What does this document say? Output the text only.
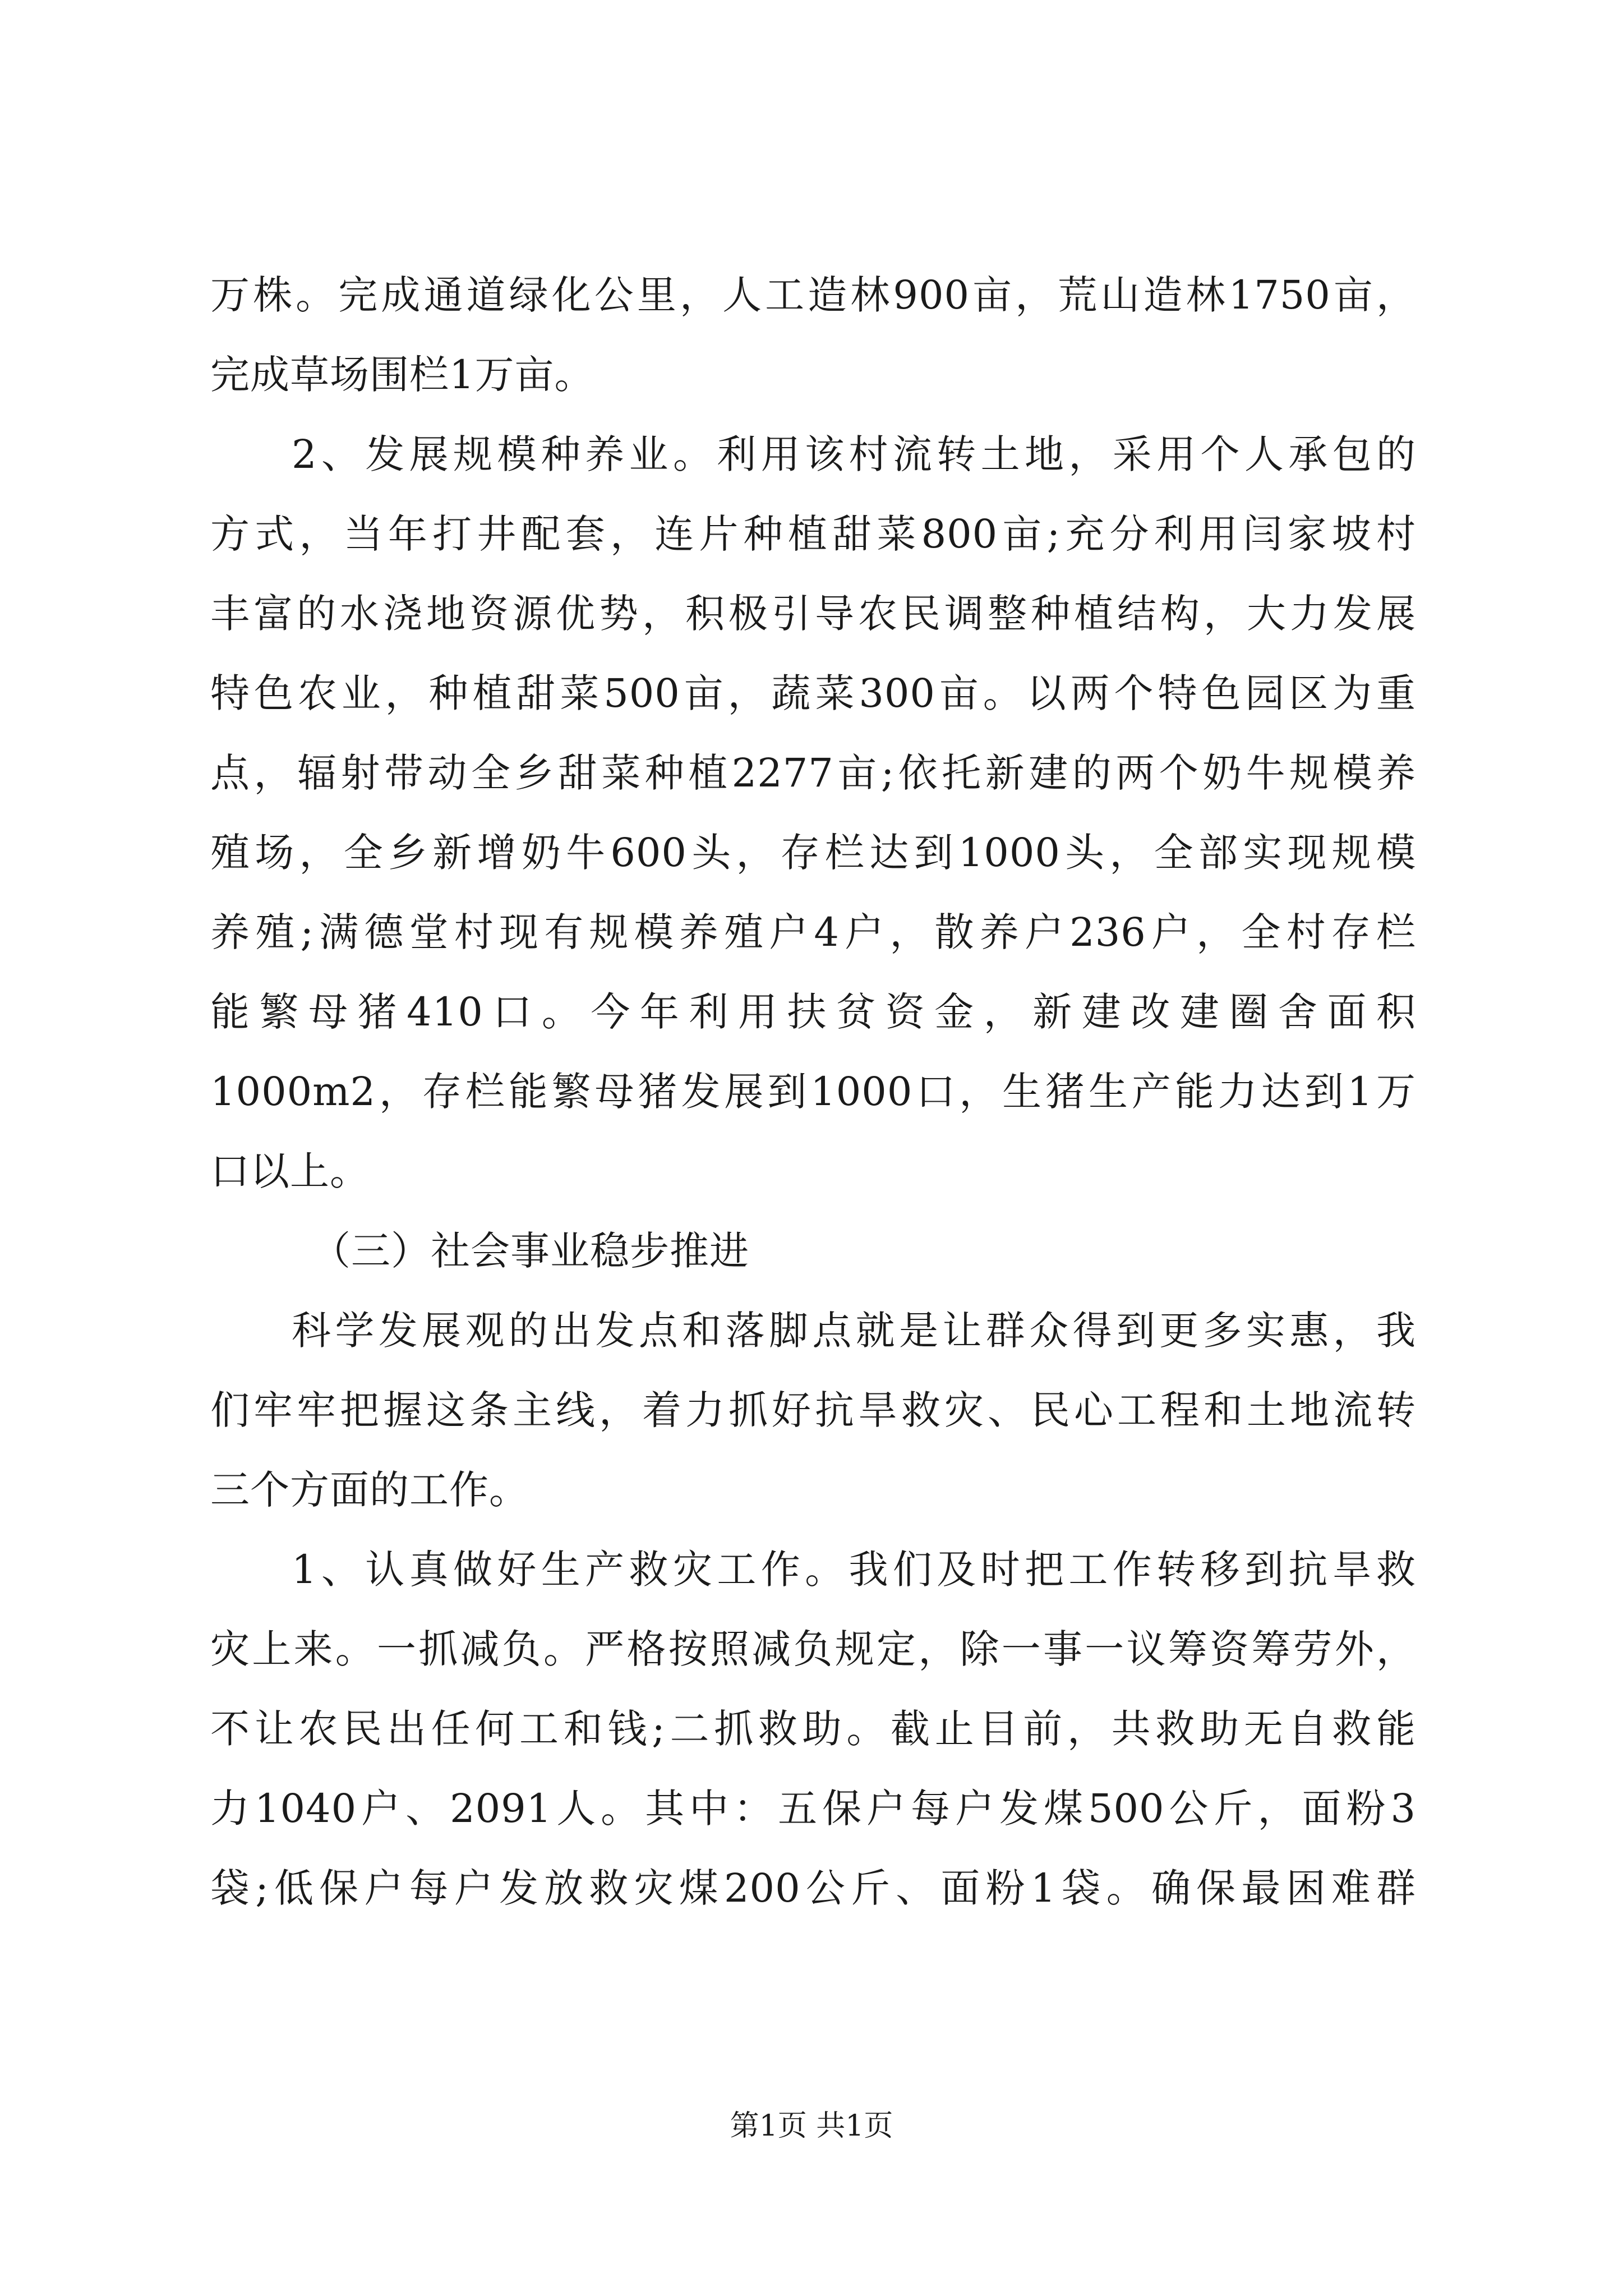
万株。完成通道绿化公里，人工造林900亩，荒山造林1750亩，
完成草场围栏1万亩。
2、发展规模种养业。利用该村流转土地，采用个人承包的
方式，当年打井配套，连片种植甜菜800亩;充分利用闫家坡村
丰富的水浇地资源优势，积极引导农民调整种植结构，大力发展
特色农业，种植甜菜500亩，蔬菜300亩。以两个特色园区为重
点，辐射带动全乡甜菜种植2277亩;依托新建的两个奶牛规模养
殖场，全乡新增奶牛600头，存栏达到1000头，全部实现规模
养殖;满德堂村现有规模养殖户4户，散养户236户，全村存栏
能繁母猪410口。今年利用扶贫资金，新建改建圈舍面积
1000m2，存栏能繁母猪发展到1000口，生猪生产能力达到1万
口以上。
（三）社会事业稳步推进
科学发展观的出发点和落脚点就是让群众得到更多实惠，我
们牢牢把握这条主线，着力抓好抗旱救灾、民心工程和土地流转
三个方面的工作。
1、认真做好生产救灾工作。我们及时把工作转移到抗旱救
灾上来。一抓减负。严格按照减负规定，除一事一议筹资筹劳外，
不让农民出任何工和钱;二抓救助。截止目前，共救助无自救能
力1040户、2091人。其中：五保户每户发煤500公斤，面粉3
袋;低保户每户发放救灾煤200公斤、面粉1袋。确保最困难群
第1页 共1页
